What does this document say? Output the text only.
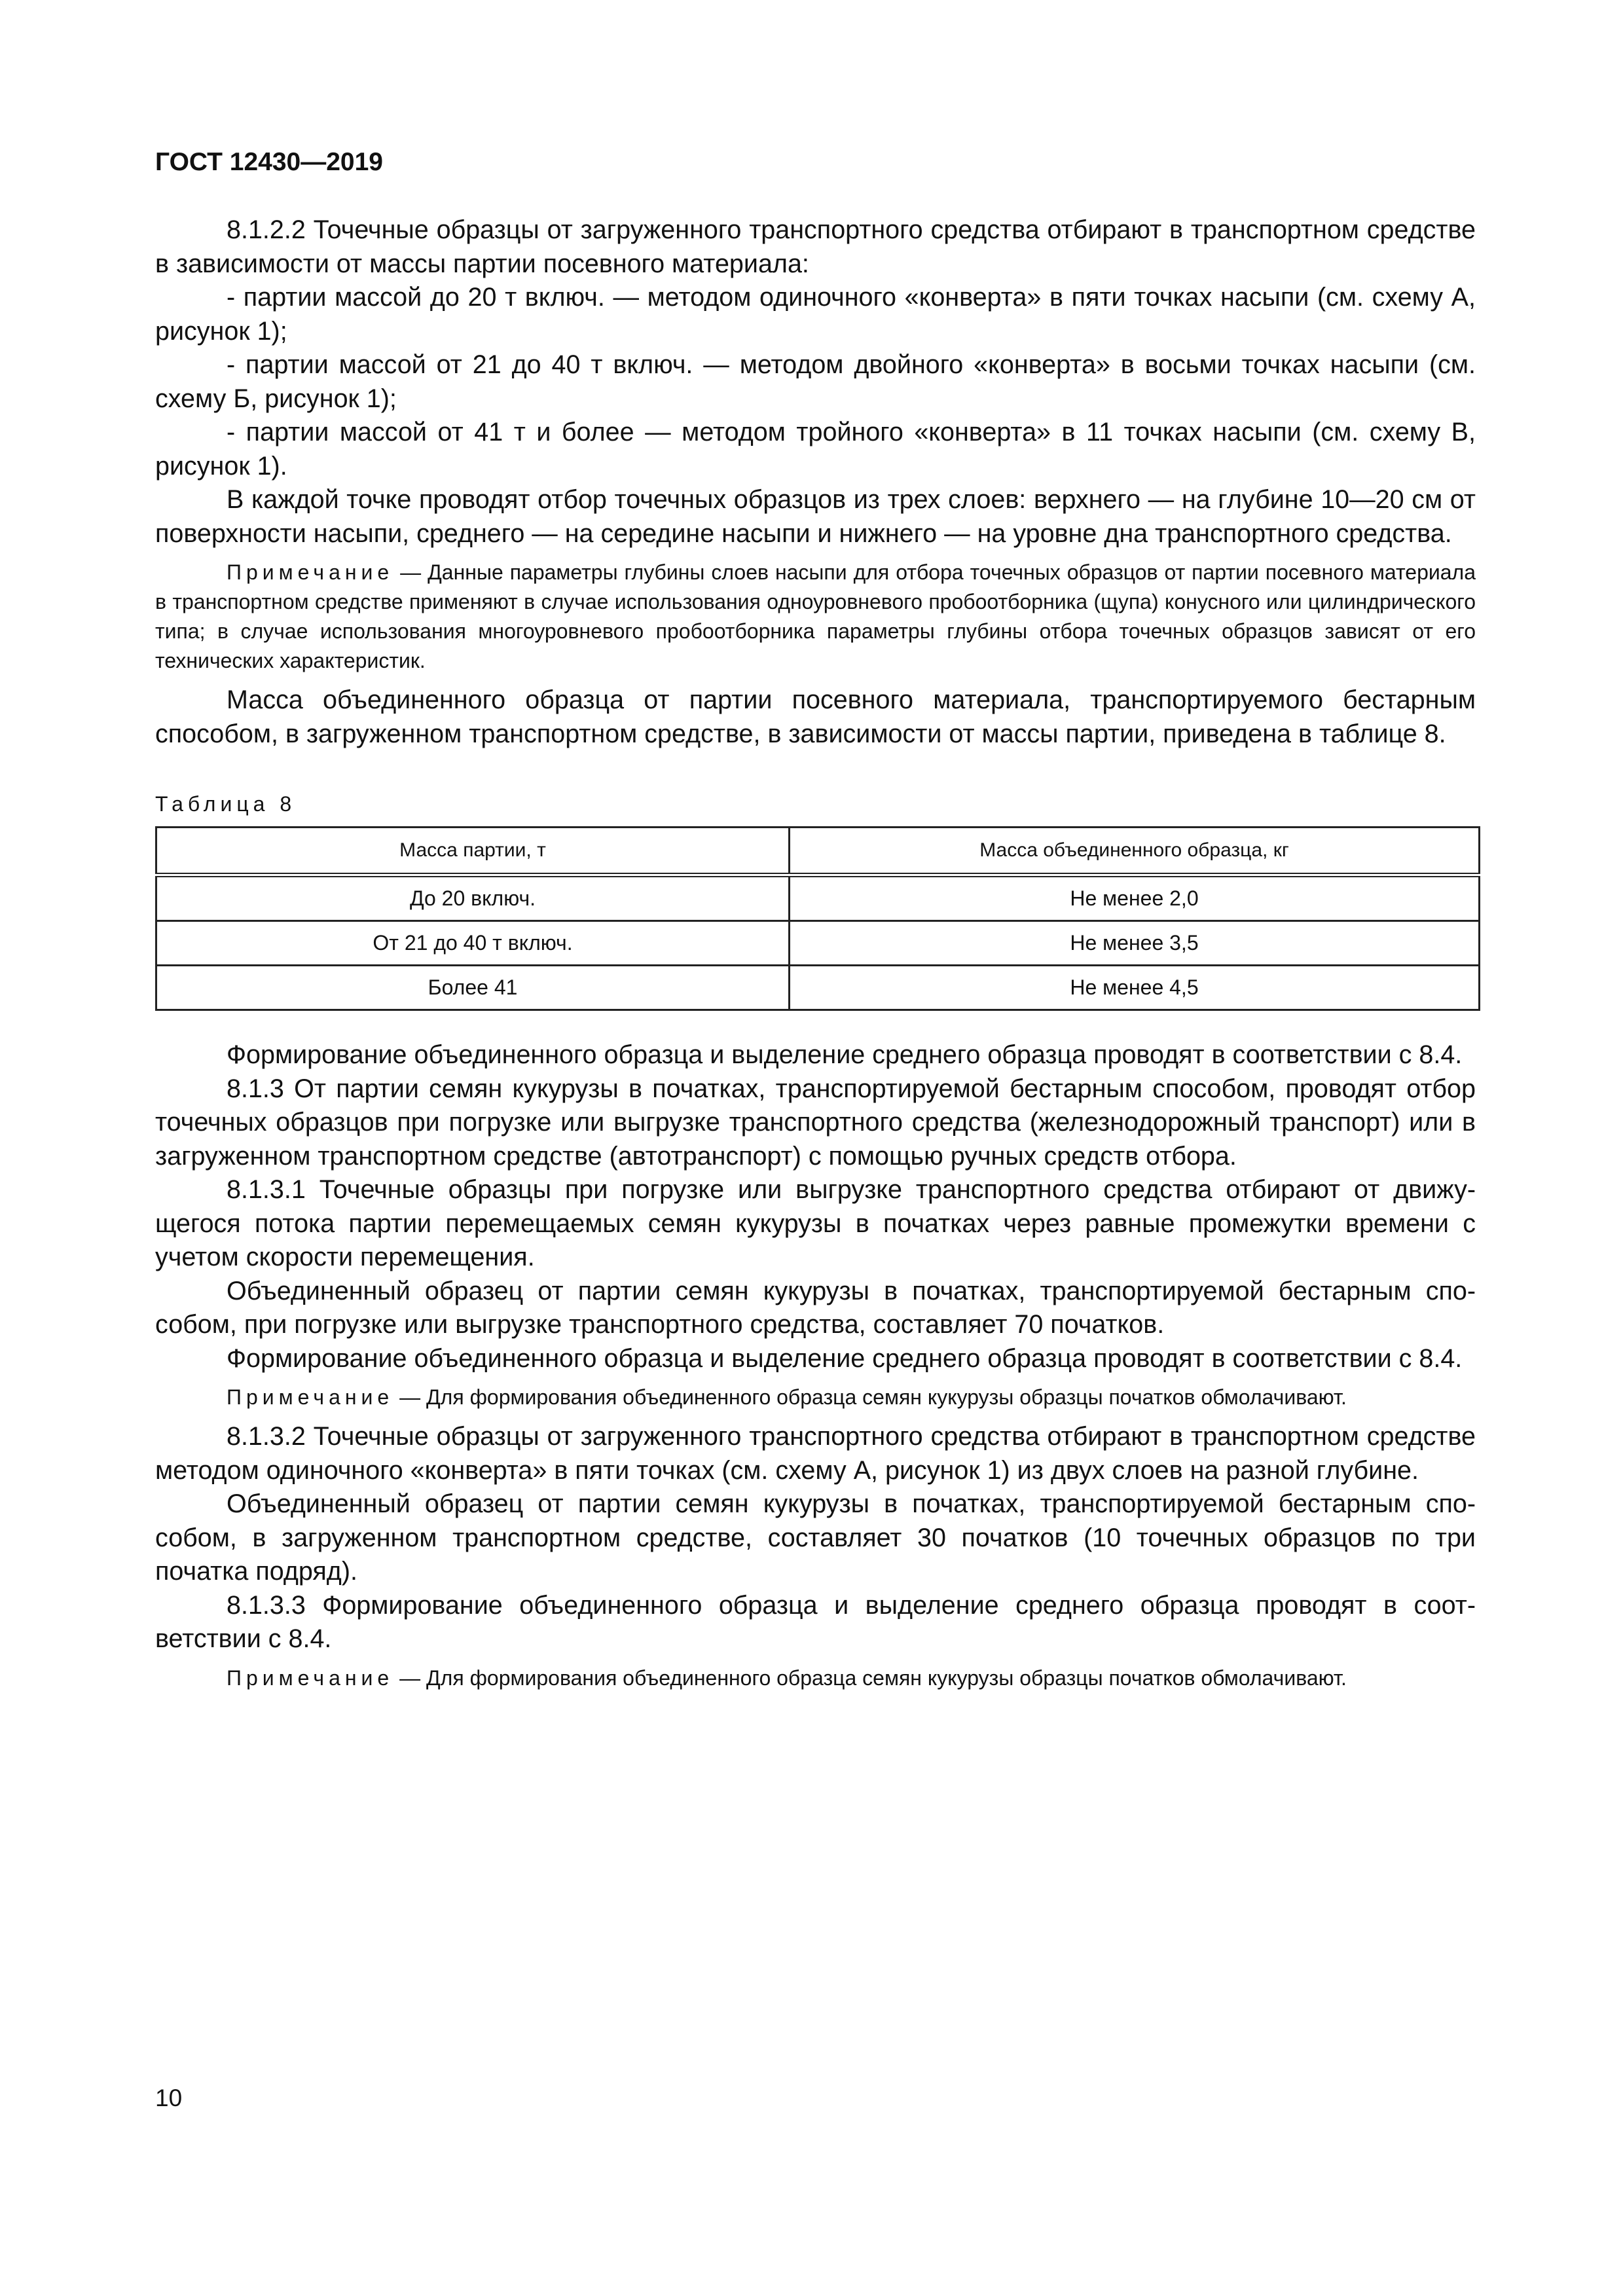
ГОСТ 12430—2019

8.1.2.2 Точечные образцы от загруженного транспортного средства отбирают в транспортном средстве в зависимости от массы партии посевного материала:

- партии массой до 20 т включ. — методом одиночного «конверта» в пяти точках насыпи (см. схему А, рисунок 1);

- партии массой от 21 до 40 т включ. — методом двойного «конверта» в восьми точках насыпи (см. схему Б, рисунок 1);

- партии массой от 41 т и более — методом тройного «конверта» в 11 точках насыпи (см. схему В, рисунок 1).

В каждой точке проводят отбор точечных образцов из трех слоев: верхнего — на глубине 10—20 см от поверхности насыпи, среднего — на середине насыпи и нижнего — на уровне дна транспортного средства.

Примечание — Данные параметры глубины слоев насыпи для отбора точечных образцов от партии посевного материала в транспортном средстве применяют в случае использования одноуровневого пробоотборника (щупа) конусного или цилиндрического типа; в случае использования многоуровневого пробоотборника параметры глубины отбора точечных образцов зависят от его технических характеристик.

Масса объединенного образца от партии посевного материала, транспортируемого бестарным способом, в загруженном транспортном средстве, в зависимости от массы партии, приведена в таблице 8.

Таблица 8
Масса партии, т	Масса объединенного образца, кг
До 20 включ.	Не менее 2,0
От 21 до 40 т включ.	Не менее 3,5
Более 41	Не менее 4,5

Формирование объединенного образца и выделение среднего образца проводят в соответствии с 8.4.

8.1.3 От партии семян кукурузы в початках, транспортируемой бестарным способом, проводят отбор точечных образцов при погрузке или выгрузке транспортного средства (железнодорожный транспорт) или в загруженном транспортном средстве (автотранспорт) с помощью ручных средств отбора.

8.1.3.1 Точечные образцы при погрузке или выгрузке транспортного средства отбирают от движущегося потока партии перемещаемых семян кукурузы в початках через равные промежутки времени с учетом скорости перемещения.

Объединенный образец от партии семян кукурузы в початках, транспортируемой бестарным способом, при погрузке или выгрузке транспортного средства, составляет 70 початков.

Формирование объединенного образца и выделение среднего образца проводят в соответствии с 8.4.

Примечание — Для формирования объединенного образца семян кукурузы образцы початков обмолачивают.

8.1.3.2 Точечные образцы от загруженного транспортного средства отбирают в транспортном средстве методом одиночного «конверта» в пяти точках (см. схему А, рисунок 1) из двух слоев на разной глубине.

Объединенный образец от партии семян кукурузы в початках, транспортируемой бестарным способом, в загруженном транспортном средстве, составляет 30 початков (10 точечных образцов по три початка подряд).

8.1.3.3 Формирование объединенного образца и выделение среднего образца проводят в соответствии с 8.4.

Примечание — Для формирования объединенного образца семян кукурузы образцы початков обмолачивают.

10
